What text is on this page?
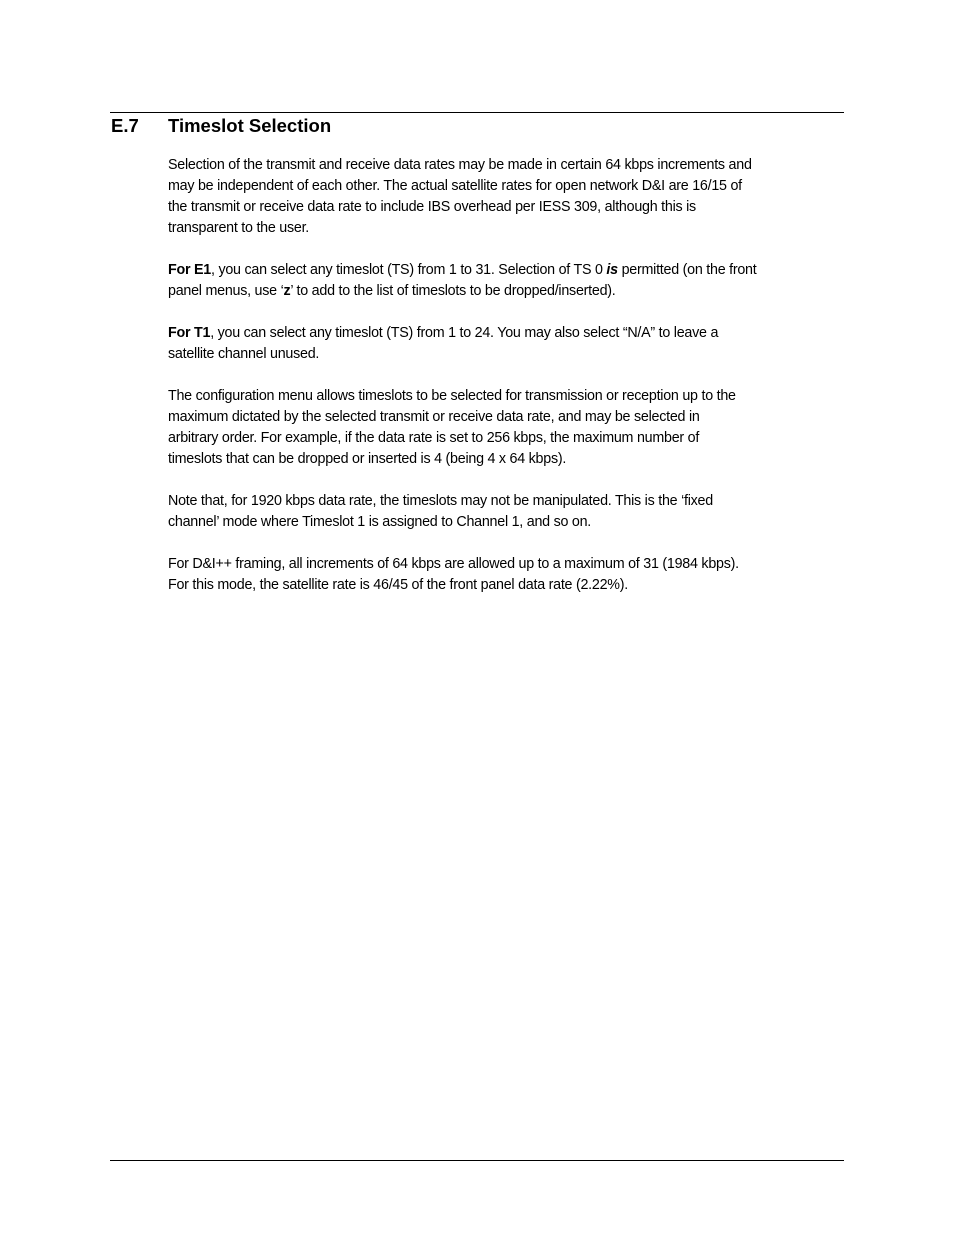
E.7 Timeslot Selection
Selection of the transmit and receive data rates may be made in certain 64 kbps increments and
may be independent of each other. The actual satellite rates for open network D&I are 16/15 of
the transmit or receive data rate to include IBS overhead per IESS 309, although this is
transparent to the user.
For E1, you can select any timeslot (TS) from 1 to 31. Selection of TS 0 is permitted (on the front
panel menus, use ‘z’ to add to the list of timeslots to be dropped/inserted).
For T1, you can select any timeslot (TS) from 1 to 24. You may also select “N/A” to leave a
satellite channel unused.
The configuration menu allows timeslots to be selected for transmission or reception up to the
maximum dictated by the selected transmit or receive data rate, and may be selected in
arbitrary order. For example, if the data rate is set to 256 kbps, the maximum number of
timeslots that can be dropped or inserted is 4 (being 4 x 64 kbps).
Note that, for 1920 kbps data rate, the timeslots may not be manipulated. This is the ‘fixed
channel’ mode where Timeslot 1 is assigned to Channel 1, and so on.
For D&I++ framing, all increments of 64 kbps are allowed up to a maximum of 31 (1984 kbps).
For this mode, the satellite rate is 46/45 of the front panel data rate (2.22%).
